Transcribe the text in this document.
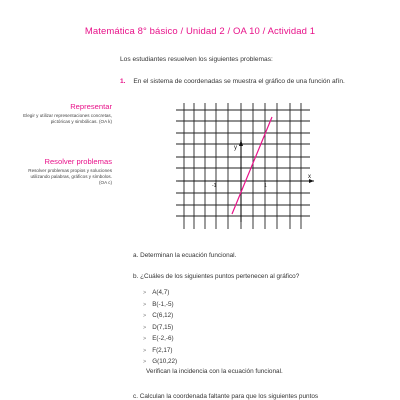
Matemática 8° básico / Unidad 2 / OA 10 / Actividad 1
Los estudiantes resuelven los siguientes problemas:
1. En el sistema de coordenadas se muestra el gráfico de una función afín.
Representar
Elegir y utilizar representaciones concretas, pictóricas y simbólicas. (OA k)
Resolver problemas
Resolver problemas propios y soluciones utilizando palabras, gráficos y símbolos. (OA c)
x
y
-1	1
a. Determinan la ecuación funcional.
b. ¿Cuáles de los siguientes puntos pertenecen al gráfico?
> A(4,7)
> B(-1,-5)
> C(6,12)
> D(7,15)
> E(-2,-6)
> F(2,17)
> G(10,22)
Verifican la incidencia con la ecuación funcional.
c. Calculan la coordenada faltante para que los siguientes puntos
